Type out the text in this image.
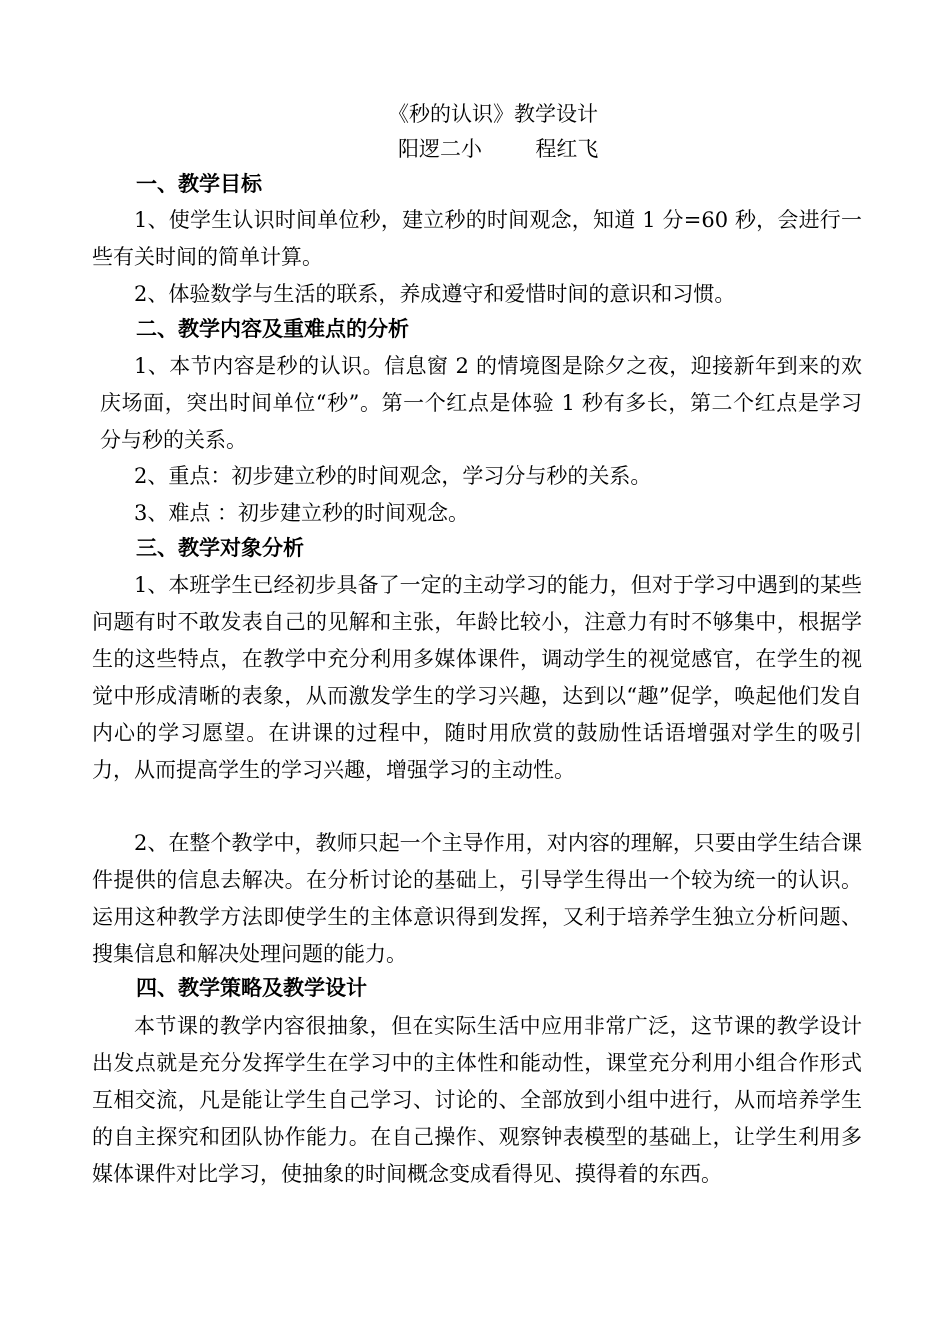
《秒的认识》教学设计
阳逻二小        程红飞
一、教学目标
1、使学生认识时间单位秒，建立秒的时间观念，知道 1 分=60 秒，会进行一些有关时间的简单计算。
2、体验数学与生活的联系，养成遵守和爱惜时间的意识和习惯。
二、教学内容及重难点的分析
1、本节内容是秒的认识。信息窗 2 的情境图是除夕之夜，迎接新年到来的欢庆场面，突出时间单位“秒”。第一个红点是体验 1 秒有多长，第二个红点是学习分与秒的关系。
2、重点：初步建立秒的时间观念，学习分与秒的关系。
3、难点 ：初步建立秒的时间观念。
三、教学对象分析
1、本班学生已经初步具备了一定的主动学习的能力，但对于学习中遇到的某些问题有时不敢发表自己的见解和主张，年龄比较小，注意力有时不够集中，根据学生的这些特点，在教学中充分利用多媒体课件，调动学生的视觉感官，在学生的视觉中形成清晰的表象，从而激发学生的学习兴趣，达到以“趣”促学，唤起他们发自内心的学习愿望。在讲课的过程中，随时用欣赏的鼓励性话语增强对学生的吸引力，从而提高学生的学习兴趣，增强学习的主动性。
2、在整个教学中，教师只起一个主导作用，对内容的理解，只要由学生结合课件提供的信息去解决。在分析讨论的基础上，引导学生得出一个较为统一的认识。运用这种教学方法即使学生的主体意识得到发挥，又利于培养学生独立分析问题、搜集信息和解决处理问题的能力。
四、教学策略及教学设计
本节课的教学内容很抽象，但在实际生活中应用非常广泛，这节课的教学设计出发点就是充分发挥学生在学习中的主体性和能动性，课堂充分利用小组合作形式互相交流，凡是能让学生自己学习、讨论的、全部放到小组中进行，从而培养学生的自主探究和团队协作能力。在自己操作、观察钟表模型的基础上，让学生利用多媒体课件对比学习，使抽象的时间概念变成看得见、摸得着的东西。
